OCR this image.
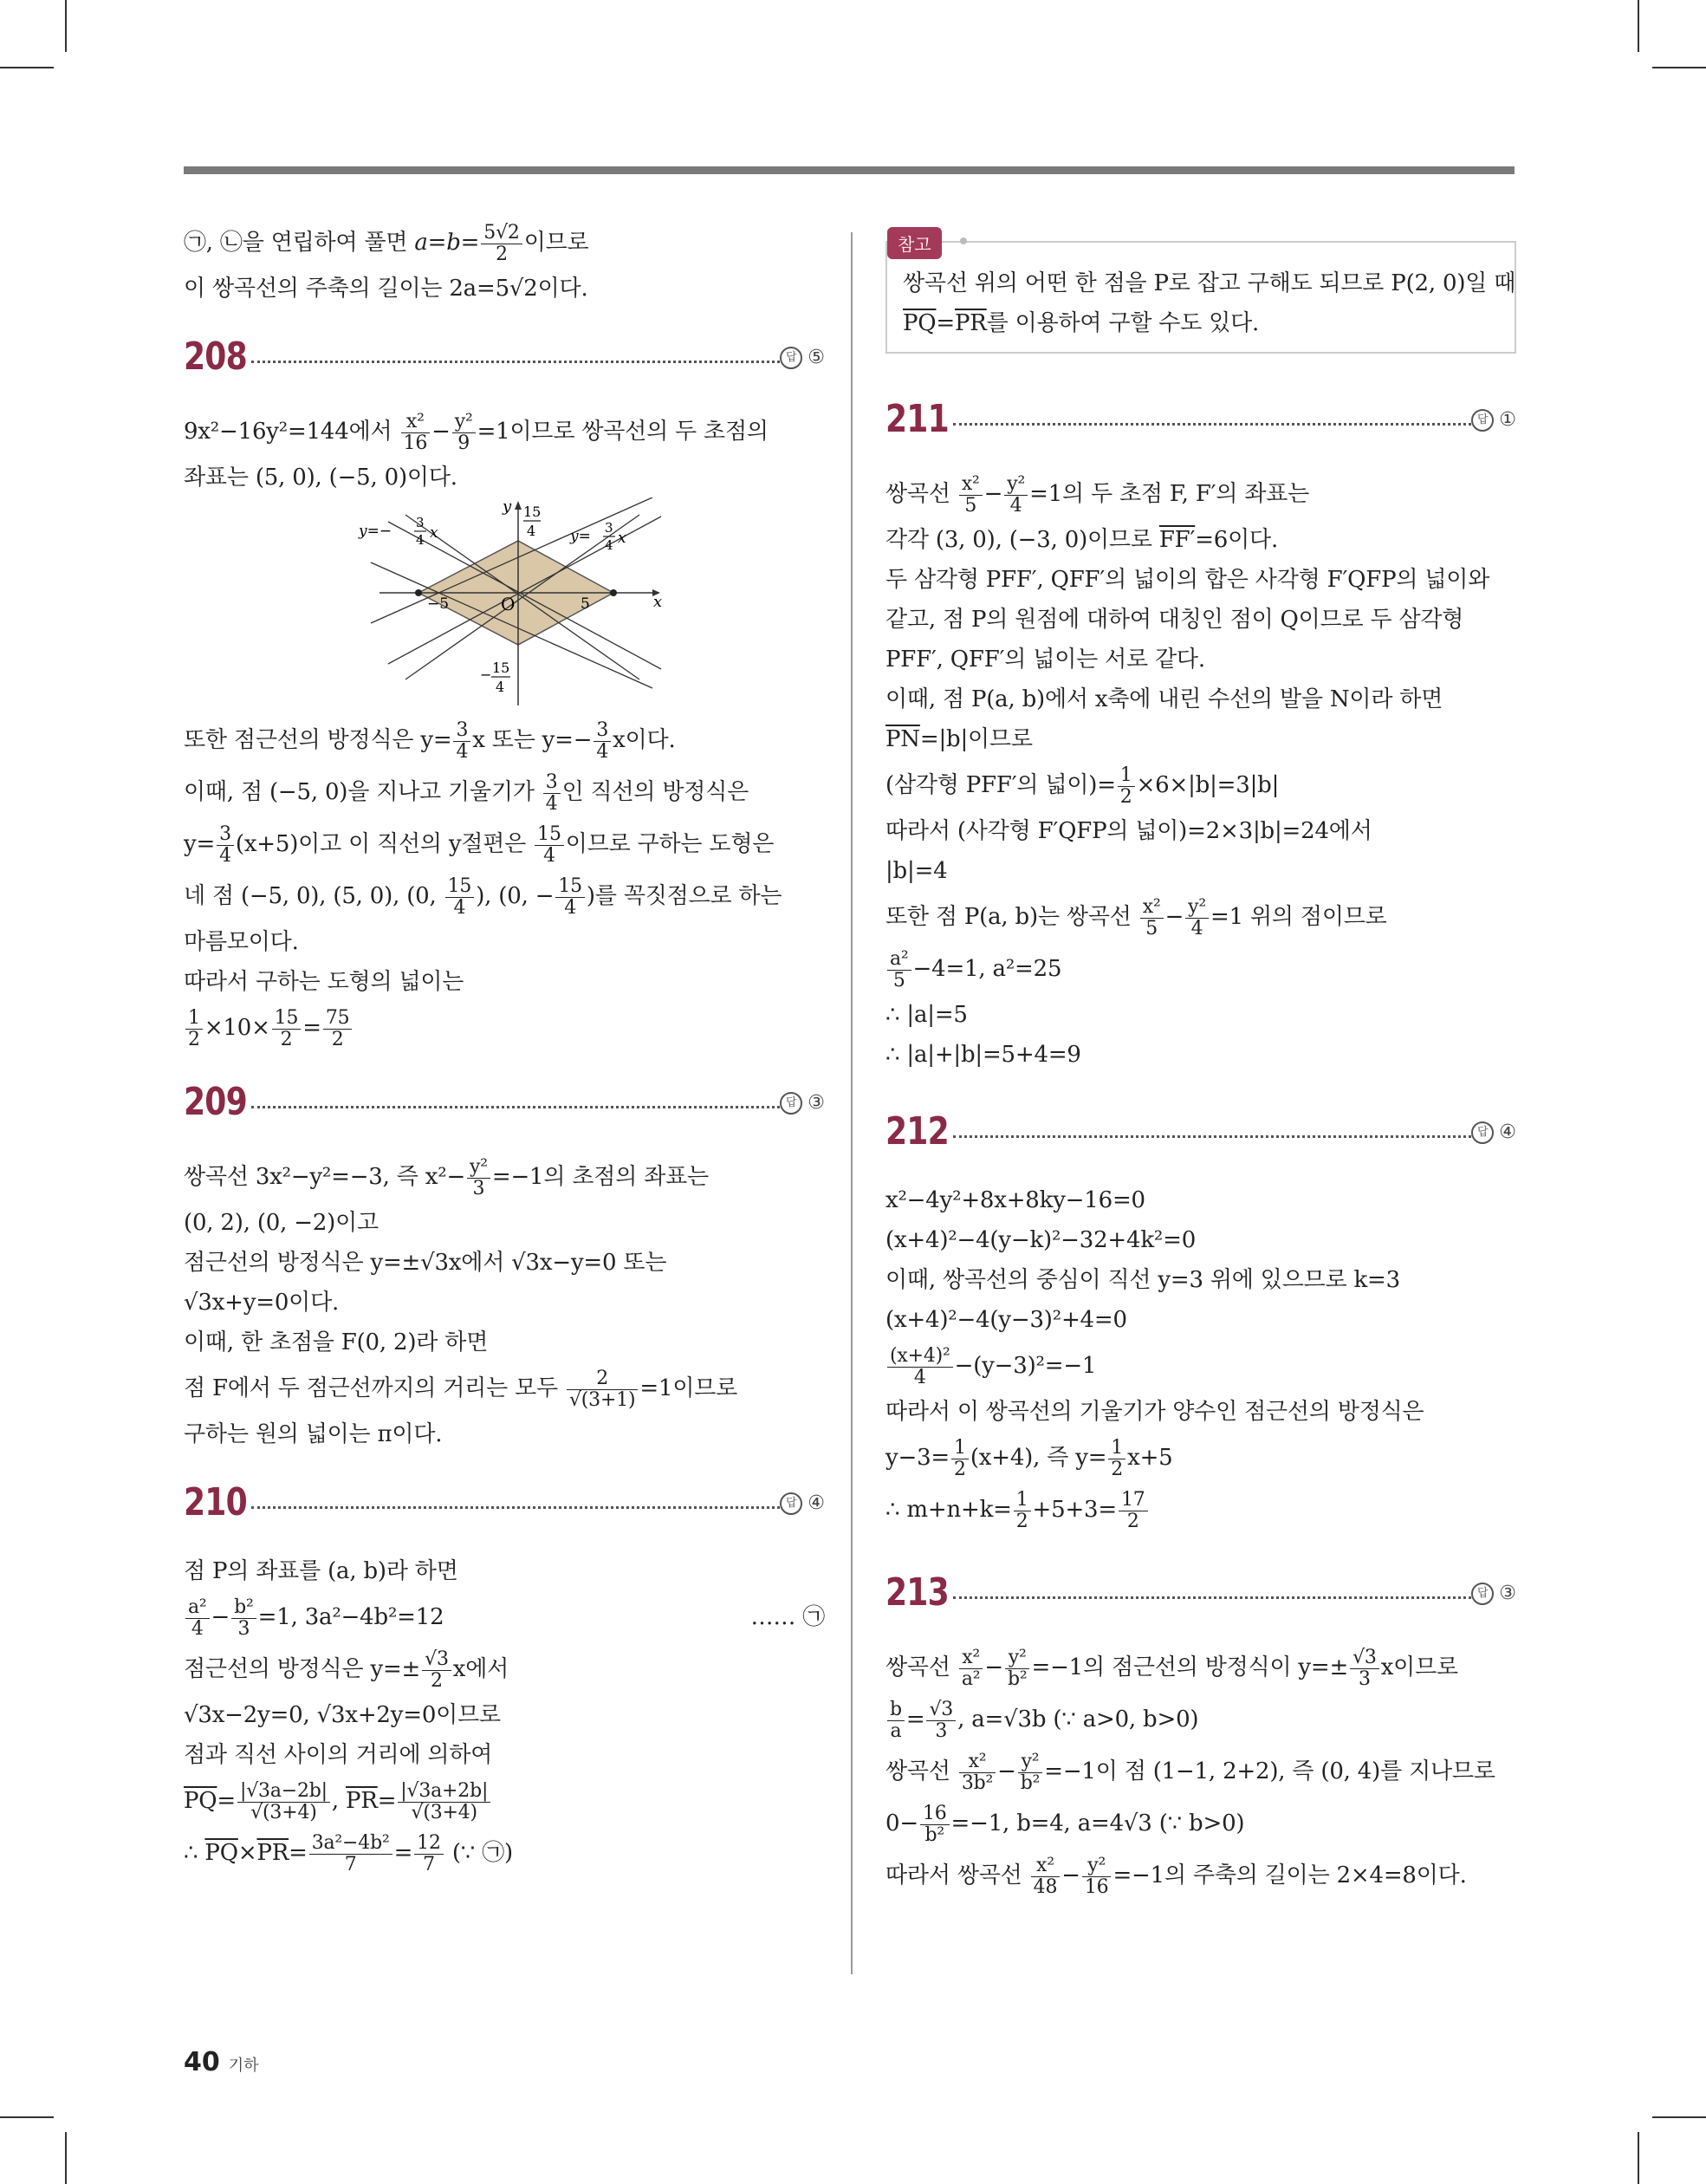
㉠, ㉡을 연립하여 풀면 $a=b= \frac{5√2}{2}$ 이므로
이 쌍곡선의 주축의 길이는 2a=5√2이다.
208	답 ⑤
9x²−16y²=144에서 $\frac{\text{x²}}{16} - \frac{\text{y²}}{9} =1$이므로 쌍곡선의 두 초점의
좌표는 (5, 0), (−5, 0)이다.
x
y
O
−5	5
15
4
− 15
4
y=− 3
4 x	y= 3
4 x
또한 점근선의 방정식은 $y= \frac{3}{4}$ x 또는 $y=- \frac{3}{4}$ x이다.
이때, 점 (−5, 0)을 지나고 기울기가 $\frac{3}{4}$ 인 직선의 방정식은
$y= \frac{3}{4} (x+5)$이고 이 직선의 y절편은 $\frac{15}{4}$ 이므로 구하는 도형은
네 점 (−5, 0), (5, 0), (0, $\frac{15}{4}$ ), (0, − $\frac{15}{4}$ )를 꼭짓점으로 하는
마름모이다.
따라서 구하는 도형의 넓이는
$\frac{1}{2} \times 10\times \frac{15}{2} = \frac{75}{2}$
209	답 ③
쌍곡선 3x²−y²=−3, 즉 $x^2- \frac{\text{y²}}{3} =-1$의 초점의 좌표는
(0, 2), (0, −2)이고
점근선의 방정식은 y=±√3x에서 √3x−y=0 또는
√3x+y=0이다.
이때, 한 초점을 F(0, 2)라 하면
점 F에서 두 점근선까지의 거리는 모두 $\frac{2}{√(3+1)} =1$이므로
구하는 원의 넓이는 π이다.
210	답 ④
점 P의 좌표를 (a, b)라 하면
$\frac{\text{a²}}{4} - \frac{\text{b²}}{3} =1$, 3a²−4b²=12	…… ㉠
점근선의 방정식은 $y=\pm \frac{√3}{2}$ x에서
√3x−2y=0, √3x+2y=0이므로
점과 직선 사이의 거리에 의하여
$\overline{PQ}= \frac{|√3a-2b|}{√(3+4)}$ , $\overline{PR}= \frac{|√3a+2b|}{√(3+4)}$
∴ $\overline{PQ}\times\overline{PR}= \frac{\text{3a²−4b²}}{7} = \frac{12}{7}$ (∵ ㉠)
참고
쌍곡선 위의 어떤 한 점을 P로 잡고 구해도 되므로 P(2, 0)일 때
$\overline{PQ}=\overline{PR}$를 이용하여 구할 수도 있다.
211	답 ①
쌍곡선 $\frac{\text{x²}}{5} - \frac{\text{y²}}{4} =1$의 두 초점 F, F′의 좌표는
각각 (3, 0), (−3, 0)이므로 FF′=6이다.
두 삼각형 PFF′, QFF′의 넓이의 합은 사각형 F′QFP의 넓이와
같고, 점 P의 원점에 대하여 대칭인 점이 Q이므로 두 삼각형
PFF′, QFF′의 넓이는 서로 같다.
이때, 점 P(a, b)에서 x축에 내린 수선의 발을 N이라 하면
$\overline{PN}=|b|$이므로
(삼각형 PFF′의 넓이)= $\frac{1}{2} \times 6\times|b|=3|b|$
따라서 (사각형 F′QFP의 넓이)=2×3|b|=24에서
|b|=4
또한 점 P(a, b)는 쌍곡선 $\frac{\text{x²}}{5} - \frac{\text{y²}}{4} =1$ 위의 점이므로
$\frac{\text{a²}}{5} -4=1$, a²=25
∴ |a|=5
∴ |a|+|b|=5+4=9
212	답 ④
x²−4y²+8x+8ky−16=0
(x+4)²−4(y−k)²−32+4k²=0
이때, 쌍곡선의 중심이 직선 y=3 위에 있으므로 k=3
(x+4)²−4(y−3)²+4=0
$\frac{\text{(x+4)²}}{4} -(y-3)^2=-1$
따라서 이 쌍곡선의 기울기가 양수인 점근선의 방정식은
$y-3= \frac{1}{2} (x+4)$, 즉 $y= \frac{1}{2} x+5$
∴ $m+n+k= \frac{1}{2} +5+3= \frac{17}{2}$
213	답 ③
쌍곡선 $\frac{\text{x²}}{\text{a²}} - \frac{\text{y²}}{\text{b²}} =-1$의 점근선의 방정식이 $y=\pm \frac{√3}{3}$ x이므로
$\frac{b}{a} = \frac{√3}{3}$ , a=√3b (∵ a>0, b>0)
쌍곡선 $\frac{\text{x²}}{\text{3b²}} - \frac{\text{y²}}{\text{b²}} =-1$이 점 (1−1, 2+2), 즉 (0, 4)를 지나므로
$0- \frac{16}{\text{b²}} =-1$, b=4, a=4√3 (∵ b>0)
따라서 쌍곡선 $\frac{\text{x²}}{48} - \frac{\text{y²}}{16} =-1$의 주축의 길이는 2×4=8이다.
40 기하
